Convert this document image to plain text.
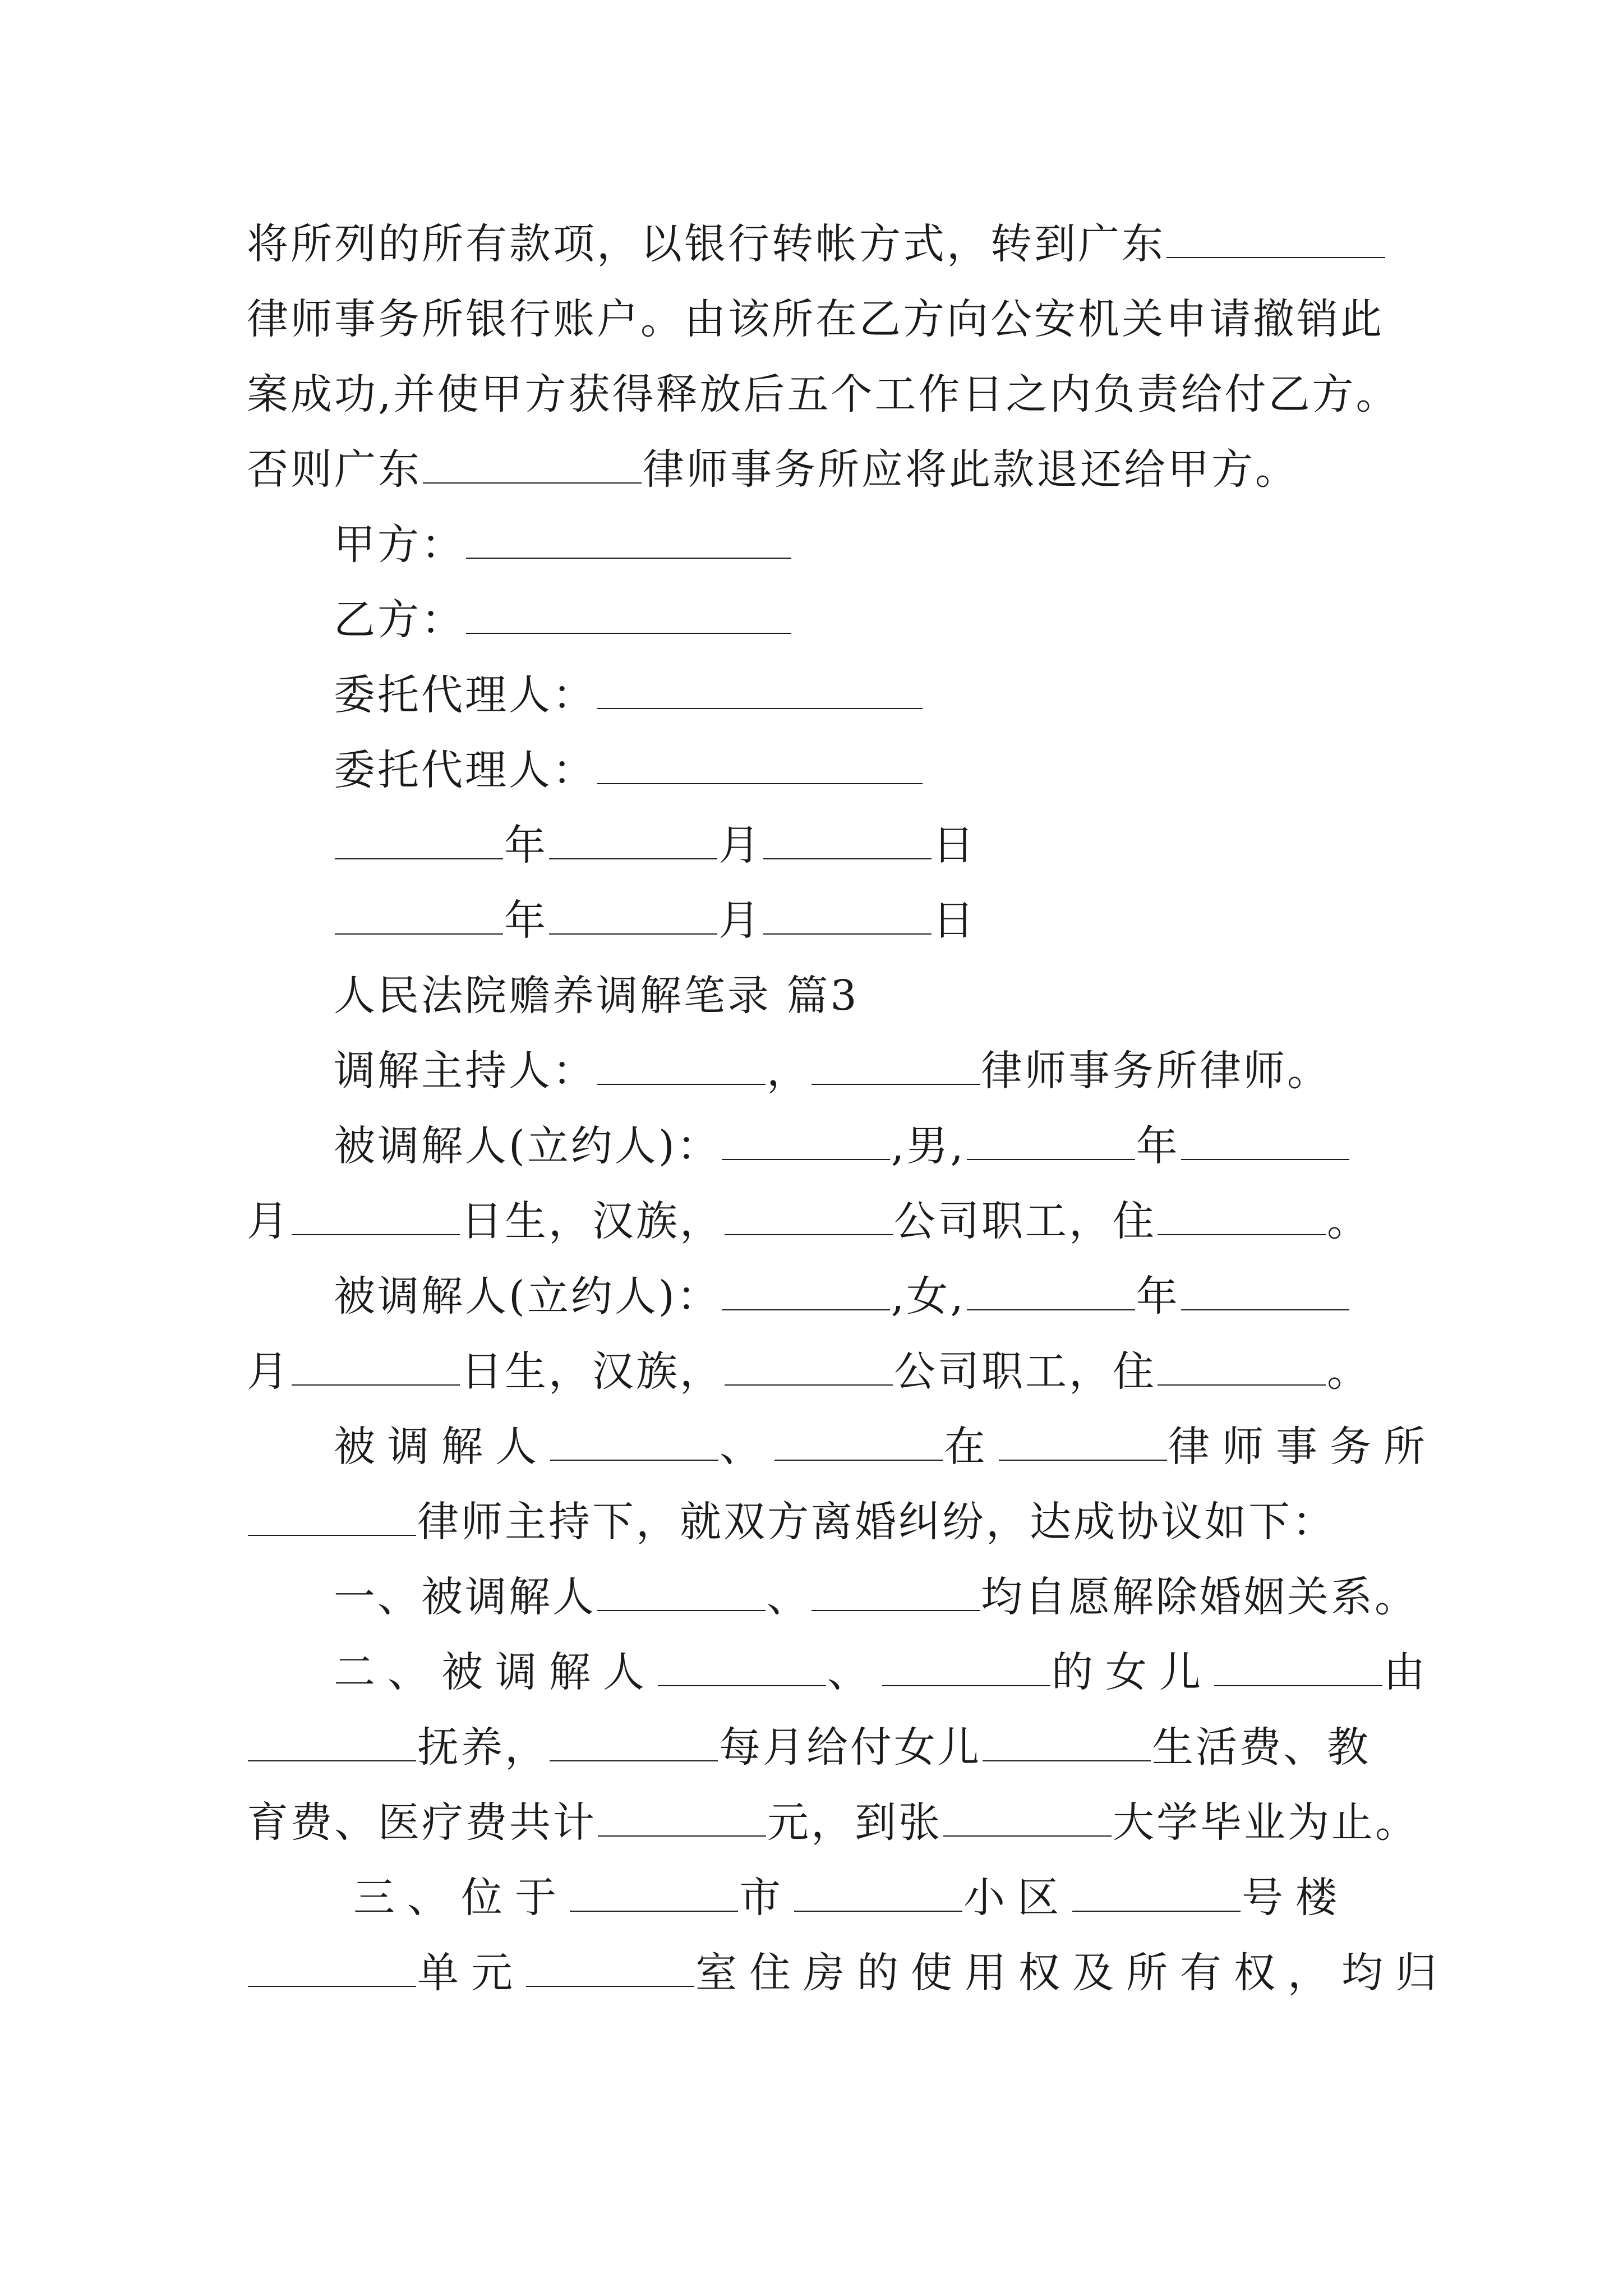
将所列的所有款项，以银行转帐方式，转到广东
律师事务所银行账户。由该所在乙方向公安机关申请撤销此
案成功,并使甲方获得释放后五个工作日之内负责给付乙方。
否则广东	律师事务所应将此款退还给甲方。
甲方：
乙方：
委托代理人：
委托代理人：
年	月	日
年	月	日
人民法院赡养调解笔录 篇3
调解主持人：	，	律师事务所律师。
被调解人(立约人)：	,男,	年
月	日生，汉族，	公司职工，住	。
被调解人(立约人)：	,女,	年
月	日生，汉族，	公司职工，住	。
被调解人	、	在	律师事务所
律师主持下，就双方离婚纠纷，达成协议如下：
一、被调解人	、	均自愿解除婚姻关系。
二、被调解人	、	的女儿	由
抚养，	每月给付女儿	生活费、教
育费、医疗费共计	元，到张	大学毕业为止。
三、位于	市	小区	号楼
单元	室住房的使用权及所有权，均归
